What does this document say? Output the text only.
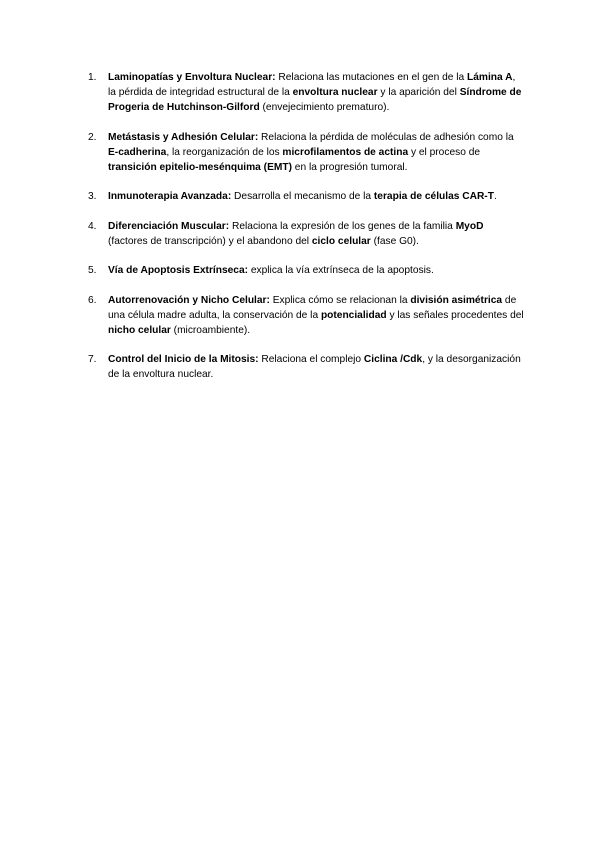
1.	Laminopatías y Envoltura Nuclear: Relaciona las mutaciones en el gen de la Lámina A, la pérdida de integridad estructural de la envoltura nuclear y la aparición del Síndrome de Progeria de Hutchinson-Gilford (envejecimiento prematuro).
2.	Metástasis y Adhesión Celular: Relaciona la pérdida de moléculas de adhesión como la E-cadherina, la reorganización de los microfilamentos de actina y el proceso de transición epitelio-mesénquima (EMT) en la progresión tumoral.
3.	Inmunoterapia Avanzada: Desarrolla el mecanismo de la terapia de células CAR-T.
4.	Diferenciación Muscular: Relaciona la expresión de los genes de la familia MyoD (factores de transcripción) y el abandono del ciclo celular (fase G0).
5.	Vía de Apoptosis Extrínseca: explica la vía extrínseca de la apoptosis.
6.	Autorrenovación y Nicho Celular: Explica cómo se relacionan la división asimétrica de una célula madre adulta, la conservación de la potencialidad y las señales procedentes del nicho celular (microambiente).
7.	Control del Inicio de la Mitosis: Relaciona el complejo Ciclina /Cdk, y la desorganización de la envoltura nuclear.
